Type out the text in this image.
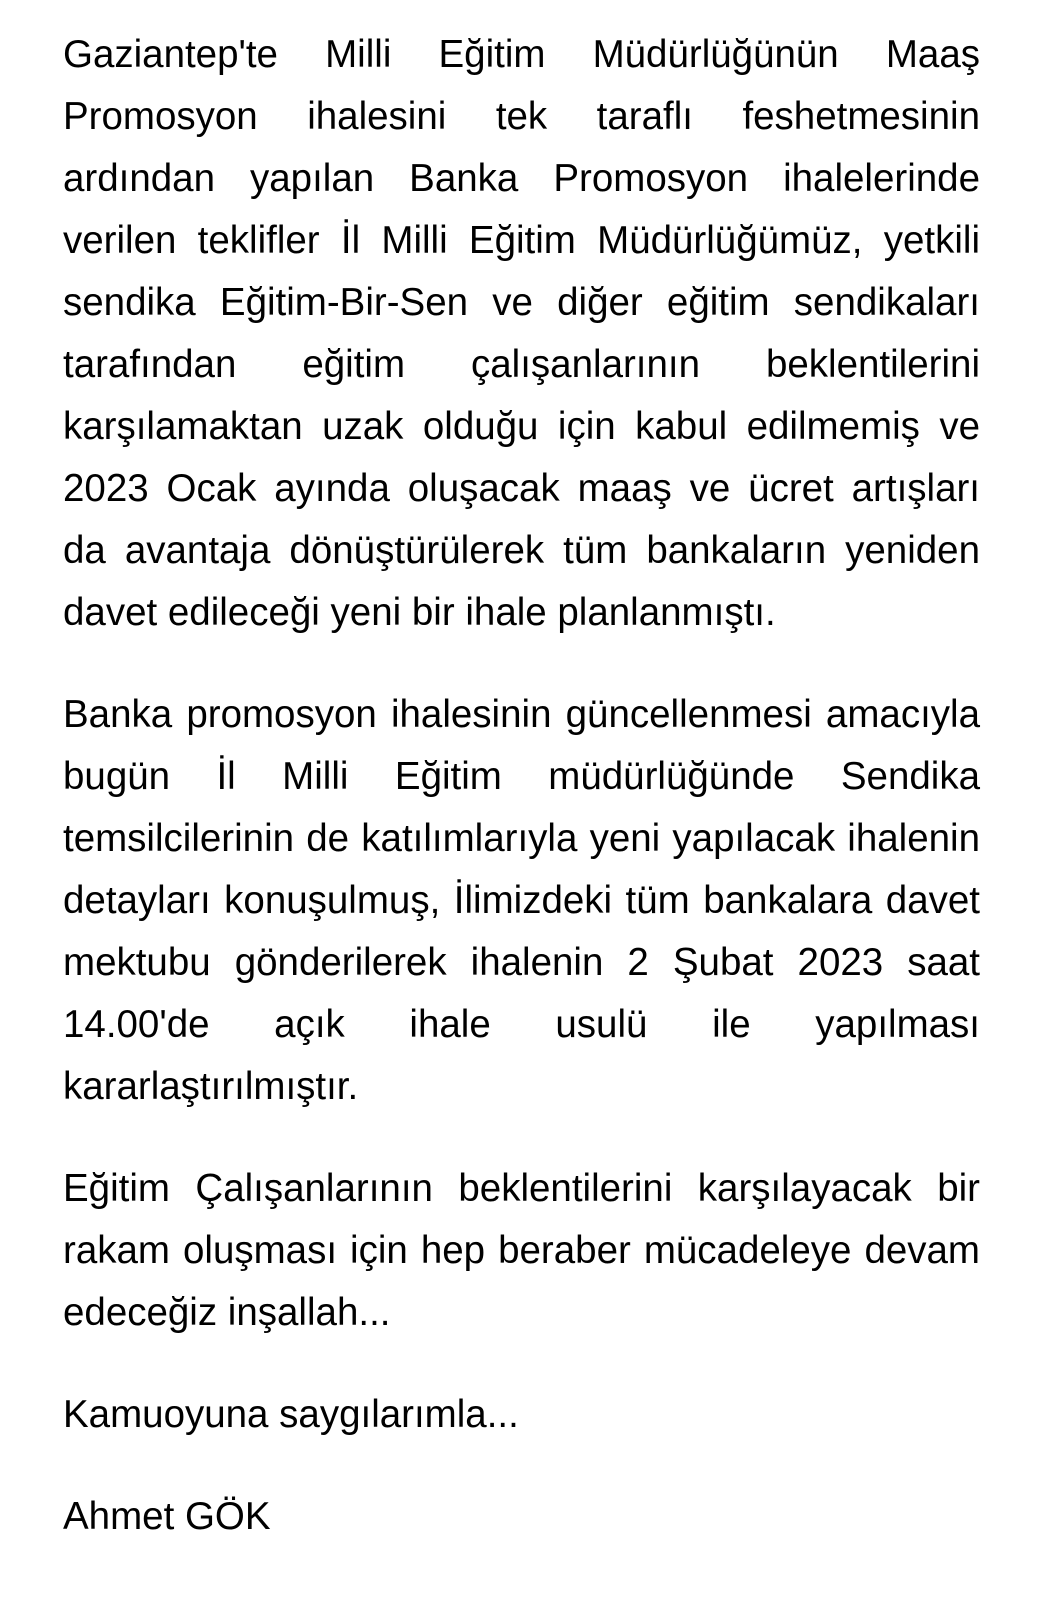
Gaziantep'te Milli Eğitim Müdürlüğünün Maaş Promosyon ihalesini tek taraflı feshetmesinin ardından yapılan Banka Promosyon ihalelerinde verilen teklifler İl Milli Eğitim Müdürlüğümüz, yetkili sendika Eğitim-Bir-Sen ve diğer eğitim sendikaları tarafından eğitim çalışanlarının beklentilerini karşılamaktan uzak olduğu için kabul edilmemiş ve 2023 Ocak ayında oluşacak maaş ve ücret artışları da avantaja dönüştürülerek tüm bankaların yeniden davet edileceği yeni bir ihale planlanmıştı.

Banka promosyon ihalesinin güncellenmesi amacıyla bugün İl Milli Eğitim müdürlüğünde Sendika temsilcilerinin de katılımlarıyla yeni yapılacak ihalenin detayları konuşulmuş, İlimizdeki tüm bankalara davet mektubu gönderilerek ihalenin 2 Şubat 2023 saat 14.00'de açık ihale usulü ile yapılması kararlaştırılmıştır.

Eğitim Çalışanlarının beklentilerini karşılayacak bir rakam oluşması için hep beraber mücadeleye devam edeceğiz inşallah...

Kamuoyuna saygılarımla...

Ahmet GÖK
